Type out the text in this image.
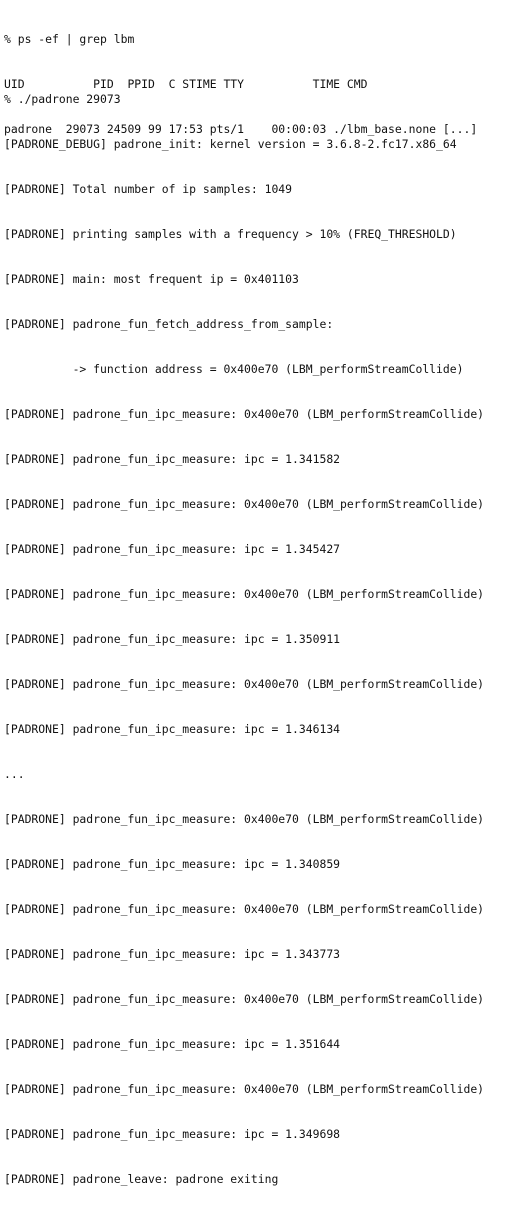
% ps -ef | grep lbm

UID          PID  PPID  C STIME TTY          TIME CMD

padrone  29073 24509 99 17:53 pts/1    00:00:03 ./lbm_base.none [...]

% ./padrone 29073

[PADRONE_DEBUG] padrone_init: kernel version = 3.6.8-2.fc17.x86_64

[PADRONE] Total number of ip samples: 1049

[PADRONE] printing samples with a frequency > 10% (FREQ_THRESHOLD)

[PADRONE] main: most frequent ip = 0x401103

[PADRONE] padrone_fun_fetch_address_from_sample:

-> function address = 0x400e70 (LBM_performStreamCollide)

[PADRONE] padrone_fun_ipc_measure: 0x400e70 (LBM_performStreamCollide)

[PADRONE] padrone_fun_ipc_measure: ipc = 1.341582

[PADRONE] padrone_fun_ipc_measure: 0x400e70 (LBM_performStreamCollide)

[PADRONE] padrone_fun_ipc_measure: ipc = 1.345427

[PADRONE] padrone_fun_ipc_measure: 0x400e70 (LBM_performStreamCollide)

[PADRONE] padrone_fun_ipc_measure: ipc = 1.350911

[PADRONE] padrone_fun_ipc_measure: 0x400e70 (LBM_performStreamCollide)

[PADRONE] padrone_fun_ipc_measure: ipc = 1.346134

...

[PADRONE] padrone_fun_ipc_measure: 0x400e70 (LBM_performStreamCollide)

[PADRONE] padrone_fun_ipc_measure: ipc = 1.340859

[PADRONE] padrone_fun_ipc_measure: 0x400e70 (LBM_performStreamCollide)

[PADRONE] padrone_fun_ipc_measure: ipc = 1.343773

[PADRONE] padrone_fun_ipc_measure: 0x400e70 (LBM_performStreamCollide)

[PADRONE] padrone_fun_ipc_measure: ipc = 1.351644

[PADRONE] padrone_fun_ipc_measure: 0x400e70 (LBM_performStreamCollide)

[PADRONE] padrone_fun_ipc_measure: ipc = 1.349698

[PADRONE] padrone_leave: padrone exiting
